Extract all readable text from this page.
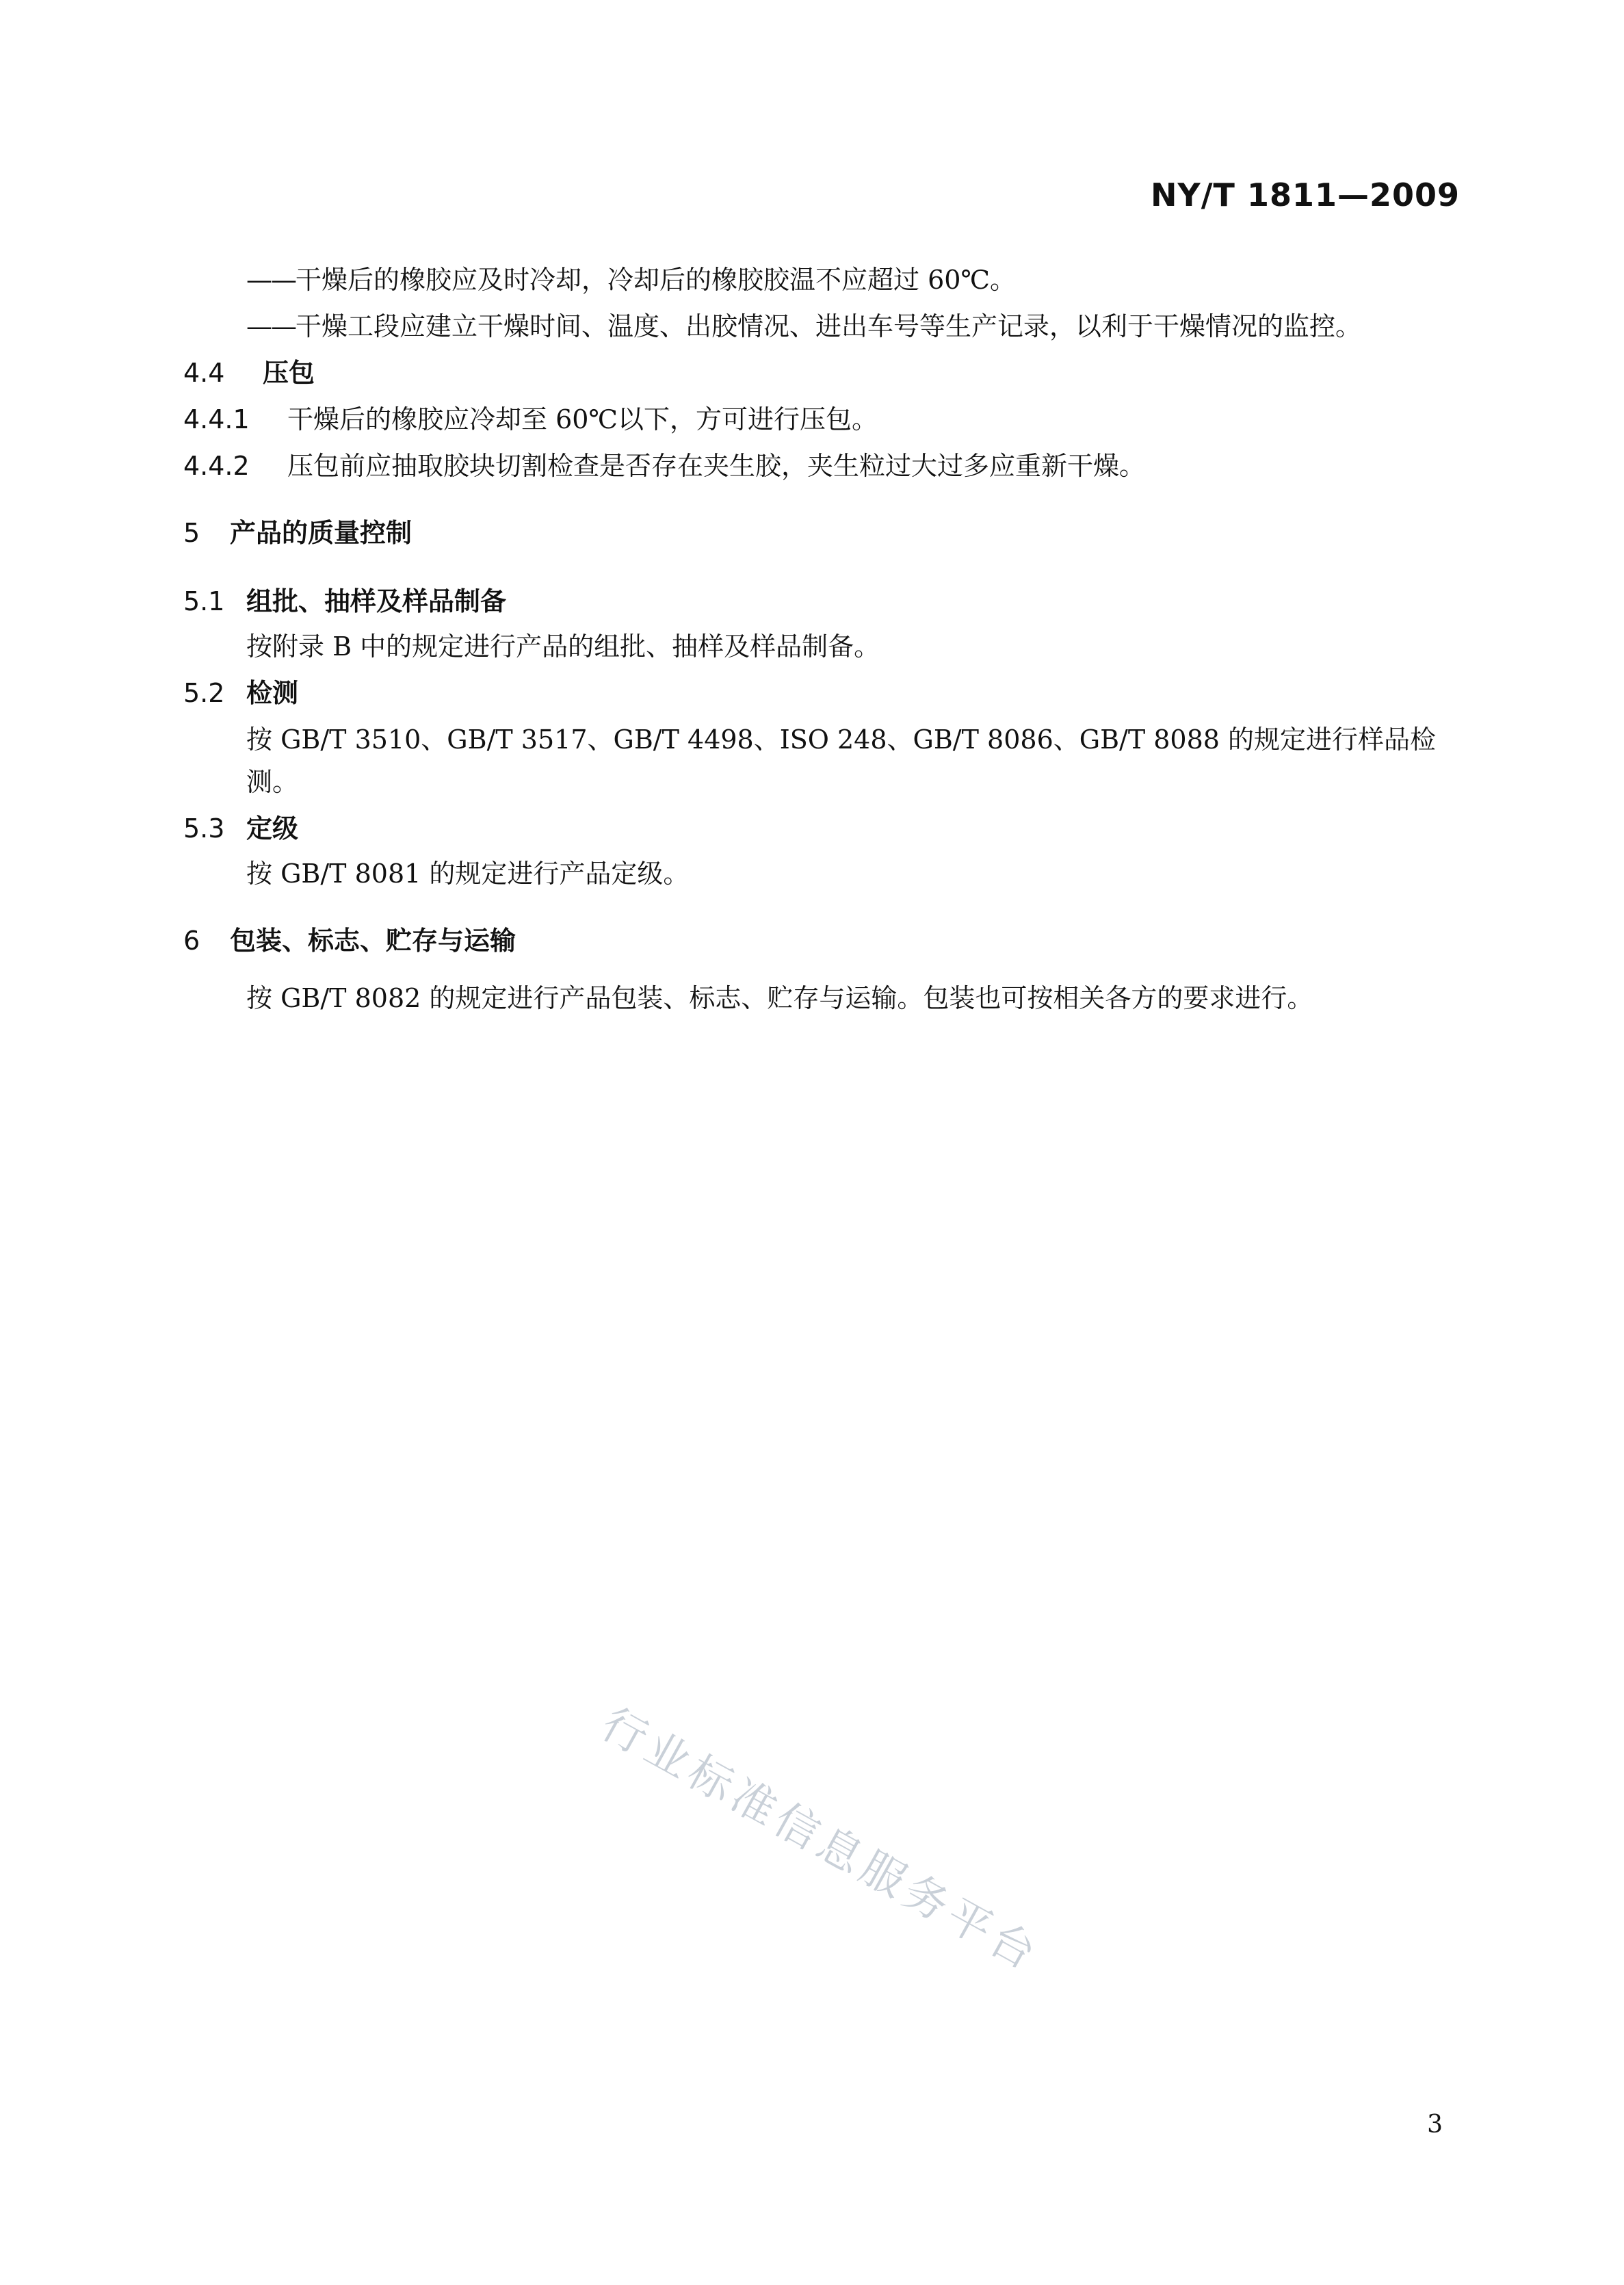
NY/T 1811—2009
——干燥后的橡胶应及时冷却，冷却后的橡胶胶温不应超过 60℃。
——干燥工段应建立干燥时间、温度、出胶情况、进出车号等生产记录，以利于干燥情况的监控。
4.4 压包
4.4.1 干燥后的橡胶应冷却至 60℃以下，方可进行压包。
4.4.2 压包前应抽取胶块切割检查是否存在夹生胶，夹生粒过大过多应重新干燥。
5 产品的质量控制
5.1 组批、抽样及样品制备
按附录 B 中的规定进行产品的组批、抽样及样品制备。
5.2 检测
按 GB/T 3510、GB/T 3517、GB/T 4498、ISO 248、GB/T 8086、GB/T 8088 的规定进行样品检
测。
5.3 定级
按 GB/T 8081 的规定进行产品定级。
6 包装、标志、贮存与运输
按 GB/T 8082 的规定进行产品包装、标志、贮存与运输。包装也可按相关各方的要求进行。
行业标准信息服务平台
3
